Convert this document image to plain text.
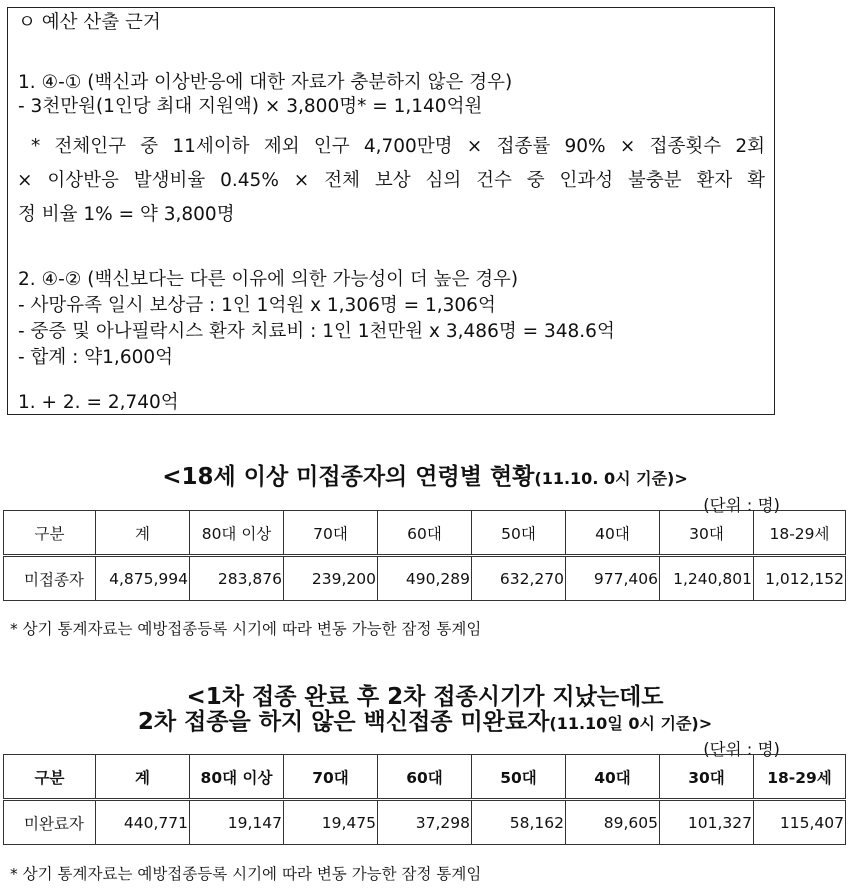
ㅇ 예산 산출 근거
1. ④-① (백신과 이상반응에 대한 자료가 충분하지 않은 경우)
- 3천만원(1인당 최대 지원액) × 3,800명* = 1,140억원
* 전체인구 중 11세이하 제외 인구 4,700만명 × 접종률 90% × 접종횟수 2회
× 이상반응 발생비율 0.45% × 전체 보상 심의 건수 중 인과성 불충분 환자 확
정 비율 1% = 약 3,800명
2. ④-② (백신보다는 다른 이유에 의한 가능성이 더 높은 경우)
- 사망유족 일시 보상금 : 1인 1억원 x 1,306명 = 1,306억
- 중증 및 아나필락시스 환자 치료비 : 1인 1천만원 x 3,486명 = 348.6억
- 합계 : 약1,600억
1. + 2. = 2,740억
<18세 이상 미접종자의 연령별 현황(11.10. 0시 기준)>
(단위 : 명)
구분	계	80대 이상	70대	60대	50대	40대	30대	18-29세
미접종자	4,875,994	283,876	239,200	490,289	632,270	977,406	1,240,801	1,012,152
* 상기 통계자료는 예방접종등록 시기에 따라 변동 가능한 잠정 통계임
<1차 접종 완료 후 2차 접종시기가 지났는데도
2차 접종을 하지 않은 백신접종 미완료자(11.10일 0시 기준)>
(단위 : 명)
구분	계	80대 이상	70대	60대	50대	40대	30대	18-29세
미완료자	440,771	19,147	19,475	37,298	58,162	89,605	101,327	115,407
* 상기 통계자료는 예방접종등록 시기에 따라 변동 가능한 잠정 통계임
